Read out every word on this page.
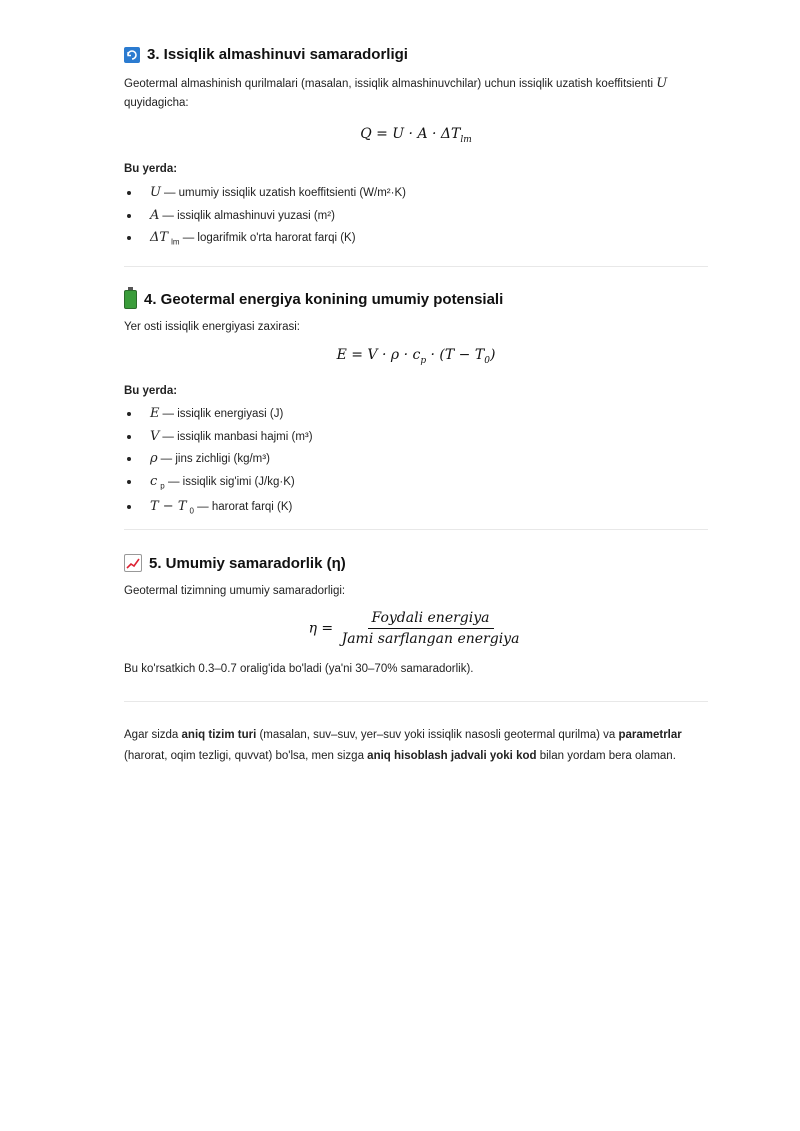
3. Issiqlik almashinuvi samaradorligi
Geotermal almashinish qurilmalari (masalan, issiqlik almashinuvchilar) uchun issiqlik uzatish koeffitsienti U
quyidagicha:
$Q = U \cdot A \cdot \Delta T_{lm}$
Bu yerda:
U — umumiy issiqlik uzatish koeffitsienti (W/m²·K)
A — issiqlik almashinuvi yuzasi (m²)
ΔT $_{lm}$ — logarifmik o'rta harorat farqi (K)
4. Geotermal energiya konining umumiy potensiali
Yer osti issiqlik energiyasi zaxirasi:
$E = V \cdot \rho \cdot c_p \cdot (T - T_0)$
Bu yerda:
E — issiqlik energiyasi (J)
V — issiqlik manbasi hajmi (m³)
ρ — jins zichligi (kg/m³)
c $_p$ — issiqlik sig'imi (J/kg·K)
T − T $_0$ — harorat farqi (K)
5. Umumiy samaradorlik (η)
Geotermal tizimning umumiy samaradorligi:
$\eta = \frac{\text{Foydali energiya}}{\text{Jami sarflangan energiya}}$
Bu ko'rsatkich 0.3–0.7 oralig'ida bo'ladi (ya'ni 30–70% samaradorlik).
Agar sizda aniq tizim turi (masalan, suv–suv, yer–suv yoki issiqlik nasosli geotermal qurilma) va parametrlar (harorat, oqim tezligi, quvvat) bo'lsa, men sizga aniq hisoblash jadvali yoki kod bilan yordam bera olaman.
